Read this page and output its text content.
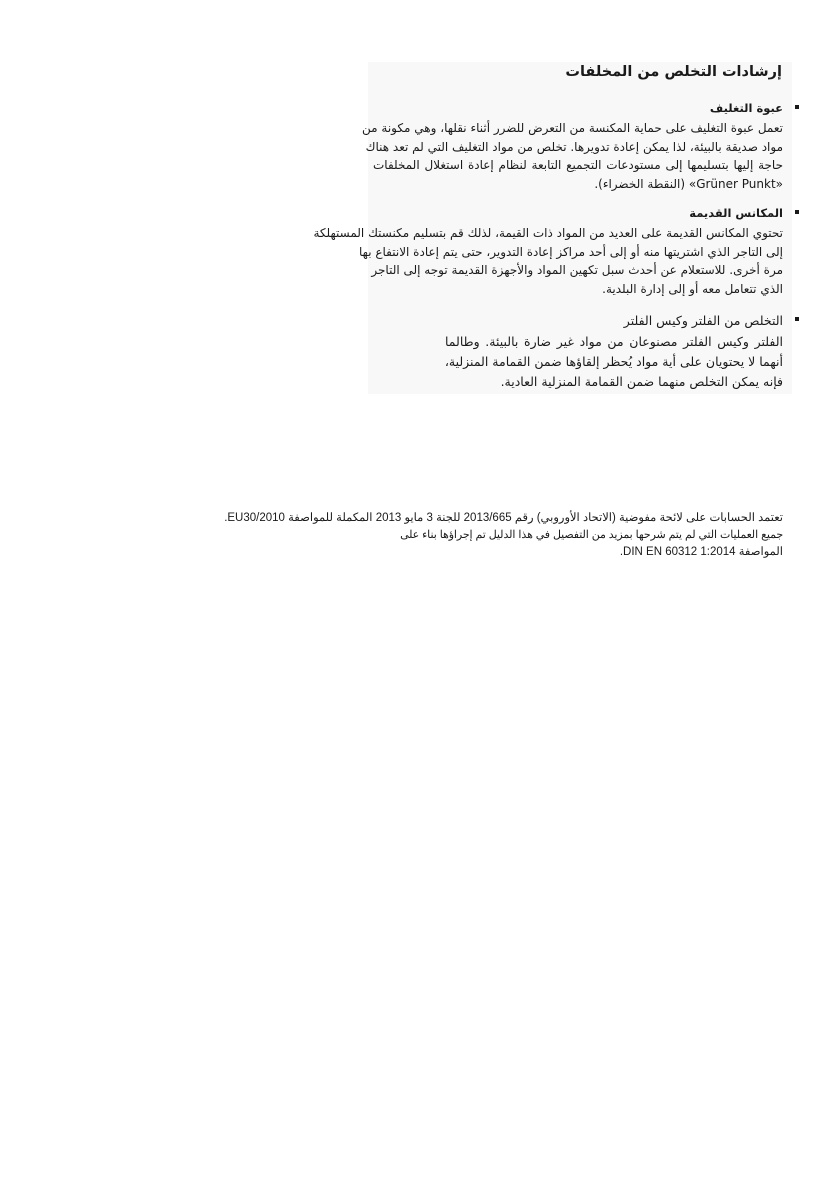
إرشادات التخلص من المخلفات
عبوة التغليف
تعمل عبوة التغليف على حماية المكنسة من التعرض للضرر أثناء نقلها، وهي مكونة من
مواد صديقة بالبيئة، لذا يمكن إعادة تدويرها. تخلص من مواد التغليف التي لم تعد هناك
حاجة إليها بتسليمها إلى مستودعات التجميع التابعة لنظام إعادة استغلال المخلفات
«Grüner Punkt» (النقطة الخضراء).
المكانس القديمة
تحتوي المكانس القديمة على العديد من المواد ذات القيمة، لذلك قم بتسليم مكنستك المستهلكة
إلى التاجر الذي اشتريتها منه أو إلى أحد مراكز إعادة التدوير، حتى يتم إعادة الانتفاع بها
مرة أخرى. للاستعلام عن أحدث سبل تكهين المواد والأجهزة القديمة توجه إلى التاجر
الذي تتعامل معه أو إلى إدارة البلدية.
التخلص من الفلتر وكيس الفلتر
الفلتر وكيس الفلتر مصنوعان من مواد غير ضارة بالبيئة. وطالما
أنهما لا يحتويان على أية مواد يُحظر إلقاؤها ضمن القمامة المنزلية،
فإنه يمكن التخلص منهما ضمن القمامة المنزلية العادية.
تعتمد الحسابات على لائحة مفوضية (الاتحاد الأوروبي) رقم 2013/665 للجنة 3 مايو 2013 المكملة للمواصفة EU30/2010.
جميع العمليات التي لم يتم شرحها بمزيد من التفصيل في هذا الدليل تم إجراؤها بناء على
المواصفة DIN EN 60312 1:2014.
